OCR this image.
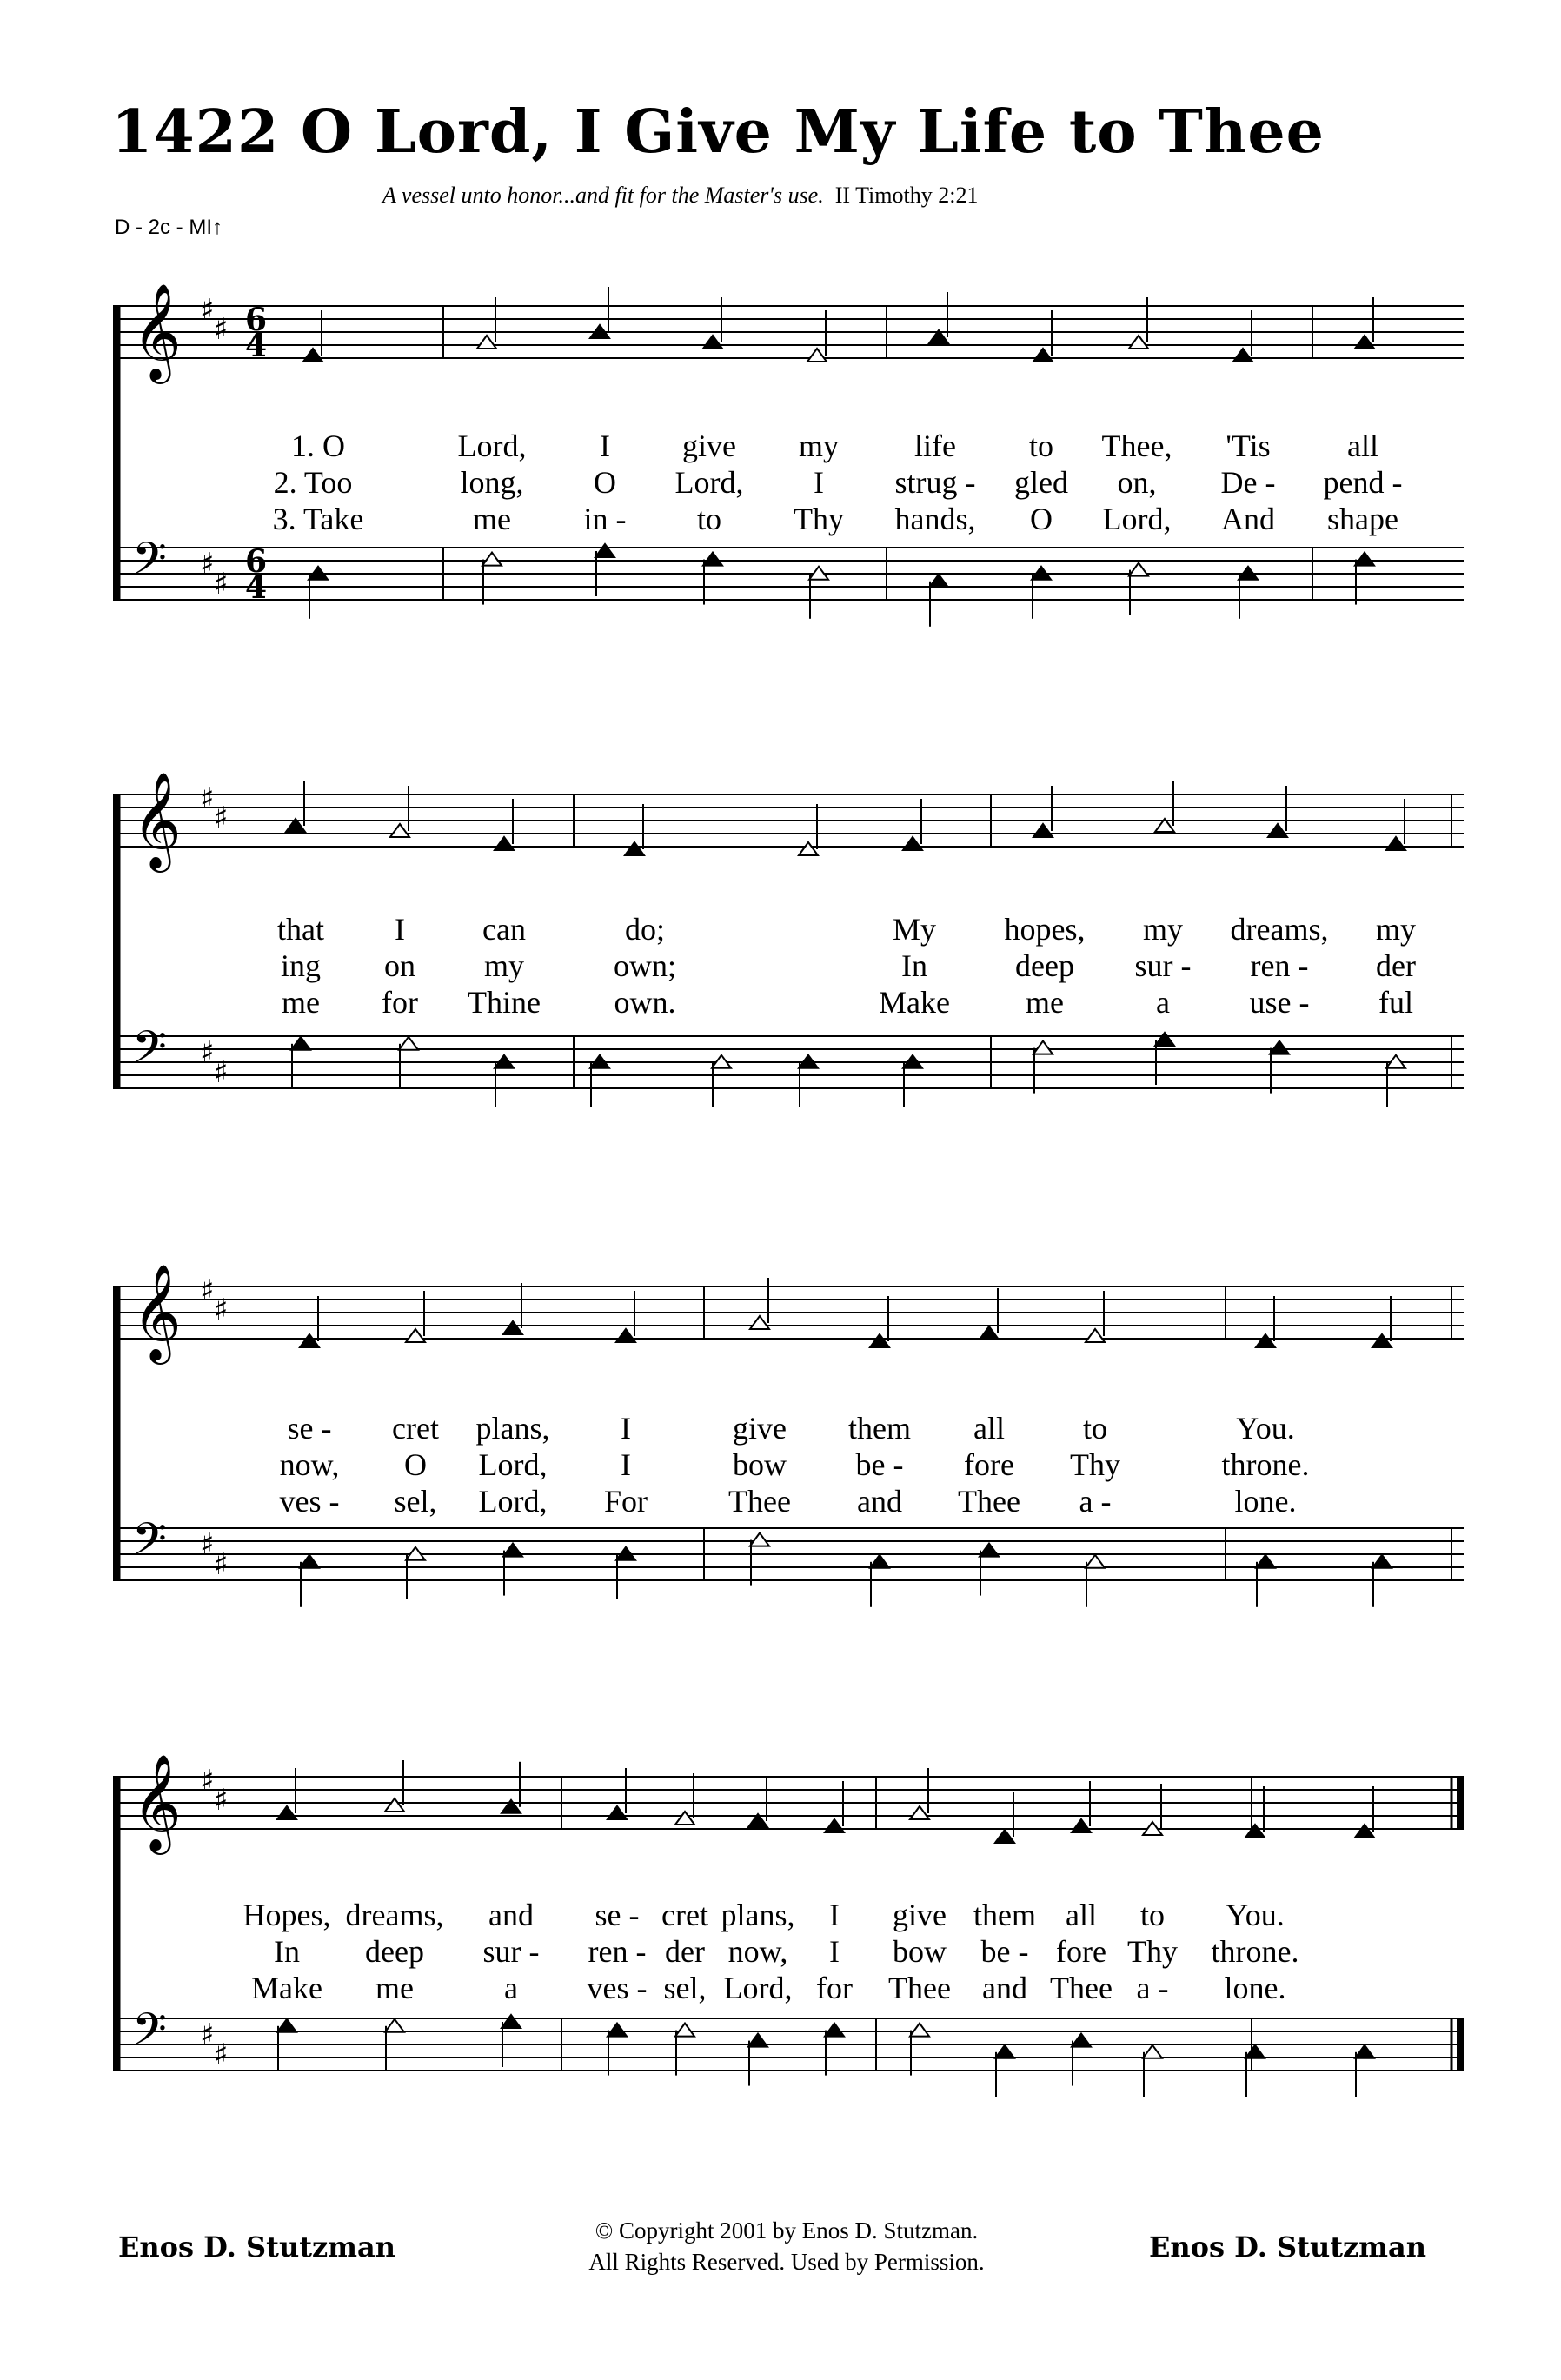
1422 O Lord, I Give My Life to Thee
A vessel unto honor...and fit for the Master's use. II Timothy 2:21
D - 2c - MI↑
𝄞 ♯
♯ 6
4
𝄢 ♯
♯
6
4
1. O	Lord, I give my life to Thee, 'Tis all
2. Too	long, O Lord, I strug - gled on, De - pend -
3. Take	me in - to Thy hands, O Lord, And shape
𝄞 ♯
♯
𝄢 ♯
♯
that I can	do;	My hopes, my dreams, my
ing on my	own;	In	deep sur - ren - der
me for Thine own.	Make me	a	use - ful
𝄞 ♯
♯
𝄢 ♯
♯
se - cret plans, I	give them all	to	You.
now, O Lord, I	bow be - fore Thy	throne.
ves - sel, Lord, For	Thee and Thee a -	lone.
𝄞 ♯
♯
𝄢 ♯
♯
Hopes, dreams, and se - cret plans, I give them all to You.
In deep sur - ren - der now, I bow be - fore Thy throne.
Make me	a ves - sel, Lord, for Thee and Thee a - lone.
Enos D. Stutzman	© Copyright 2001 by Enos D. Stutzman.
All Rights Reserved. Used by Permission.	Enos D. Stutzman
